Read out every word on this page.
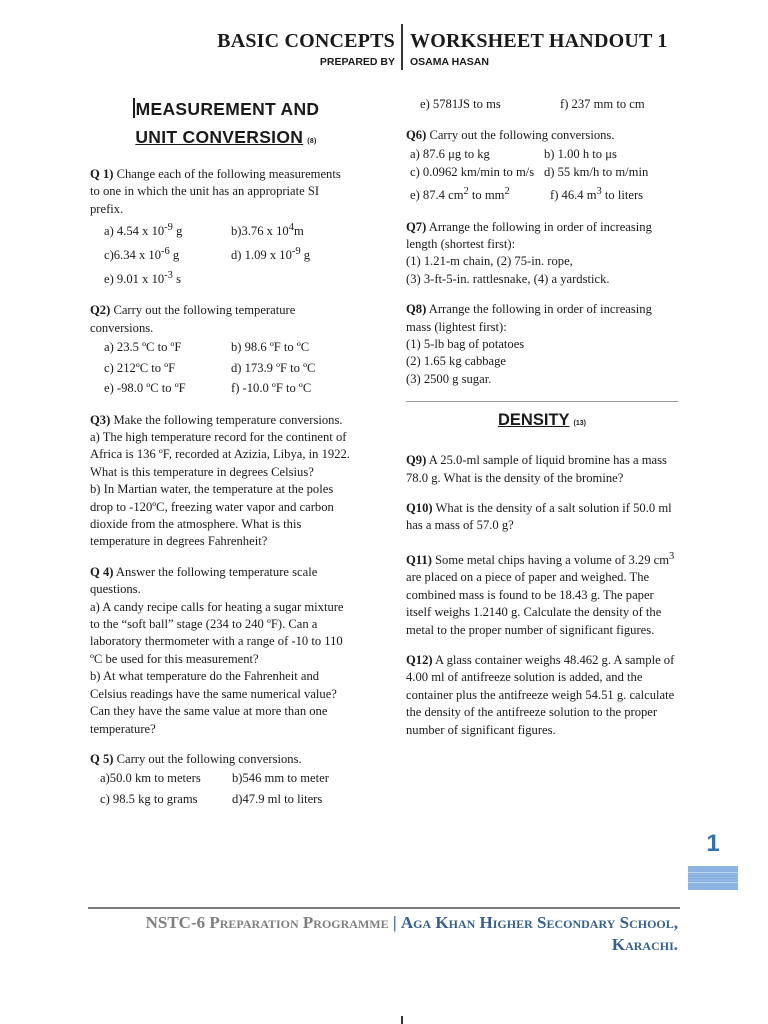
BASIC CONCEPTS
PREPARED BY
WORKSHEET HANDOUT 1
OSAMA HASAN
MEASUREMENT AND
UNIT CONVERSION (8)
Q 1) Change each of the following measurements to one in which the unit has an appropriate SI prefix.
a) 4.54 x $10^{-9}$ g	b)3.76 x $10^4m$
c)6.34 x $10^{-6}$ g	d) 1.09 x $10^{-9}$ g
e) 9.01 x $10^{-3}$ s
Q2) Carry out the following temperature conversions.
a) 23.5 ºC to ºF	b) 98.6 ºF to ºC
c) 212ºC to ºF	d) 173.9 ºF to ºC
e) -98.0 ºC to ºF	f) -10.0 ºF to ºC
Q3) Make the following temperature conversions.
a) The high temperature record for the continent of Africa is 136 ºF, recorded at Azizia, Libya, in 1922. What is this temperature in degrees Celsius?
b) In Martian water, the temperature at the poles drop to -120ºC, freezing water vapor and carbon dioxide from the atmosphere. What is this temperature in degrees Fahrenheit?
Q 4) Answer the following temperature scale questions.
a) A candy recipe calls for heating a sugar mixture to the “soft ball” stage (234 to 240 ºF). Can a laboratory thermometer with a range of -10 to 110 ºC be used for this measurement?
b) At what temperature do the Fahrenheit and Celsius readings have the same numerical value? Can they have the same value at more than one temperature?
Q 5) Carry out the following conversions.
a)50.0 km to meters	b)546 mm to meter
c) 98.5 kg to grams	d)47.9 ml to liters
e) 5781JS to ms	f) 237 mm to cm
Q6) Carry out the following conversions.
a) 87.6 μg to kg	b) 1.00 h to μs
c) 0.0962 km/min to m/s d) 55 km/h to m/min
e) 87.4 $cm^2$ to $mm^2$	f) 46.4 $m^3$ to liters
Q7) Arrange the following in order of increasing length (shortest first):
(1) 1.21-m chain, (2) 75-in. rope,
(3) 3-ft-5-in. rattlesnake, (4) a yardstick.
Q8) Arrange the following in order of increasing mass (lightest first):
(1) 5-lb bag of potatoes
(2) 1.65 kg cabbage
(3) 2500 g sugar.
DENSITY (13)
Q9) A 25.0-ml sample of liquid bromine has a mass 78.0 g. What is the density of the bromine?
Q10) What is the density of a salt solution if 50.0 ml has a mass of 57.0 g?
Q11) Some metal chips having a volume of 3.29 $cm^3$ are placed on a piece of paper and weighed. The combined mass is found to be 18.43 g. The paper itself weighs 1.2140 g. Calculate the density of the metal to the proper number of significant figures.
Q12) A glass container weighs 48.462 g. A sample of 4.00 ml of antifreeze solution is added, and the container plus the antifreeze weigh 54.51 g. calculate the density of the antifreeze solution to the proper number of significant figures.
1
NSTC-6 Preparation Programme | Aga Khan Higher Secondary School,
Karachi.
